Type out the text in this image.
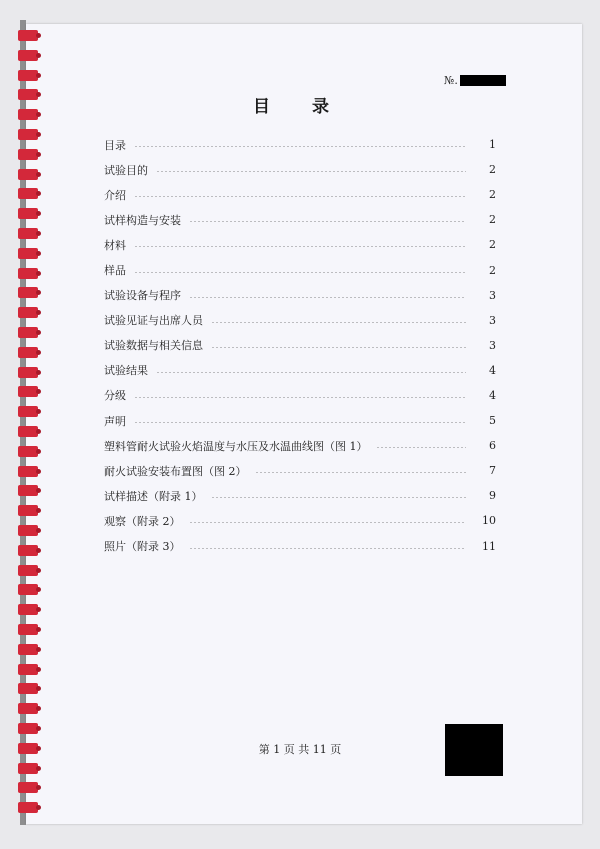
№.
目 录
目录	1
试验目的	2
介绍	2
试样构造与安装	2
材料	2
样品	2
试验设备与程序	3
试验见证与出席人员	3
试验数据与相关信息	3
试验结果	4
分级	4
声明	5
塑料管耐火试验火焰温度与水压及水温曲线图（图 1）	6
耐火试验安装布置图（图 2）	7
试样描述（附录 1）	9
观察（附录 2）	10
照片（附录 3）	11
第 1 页 共 11 页
